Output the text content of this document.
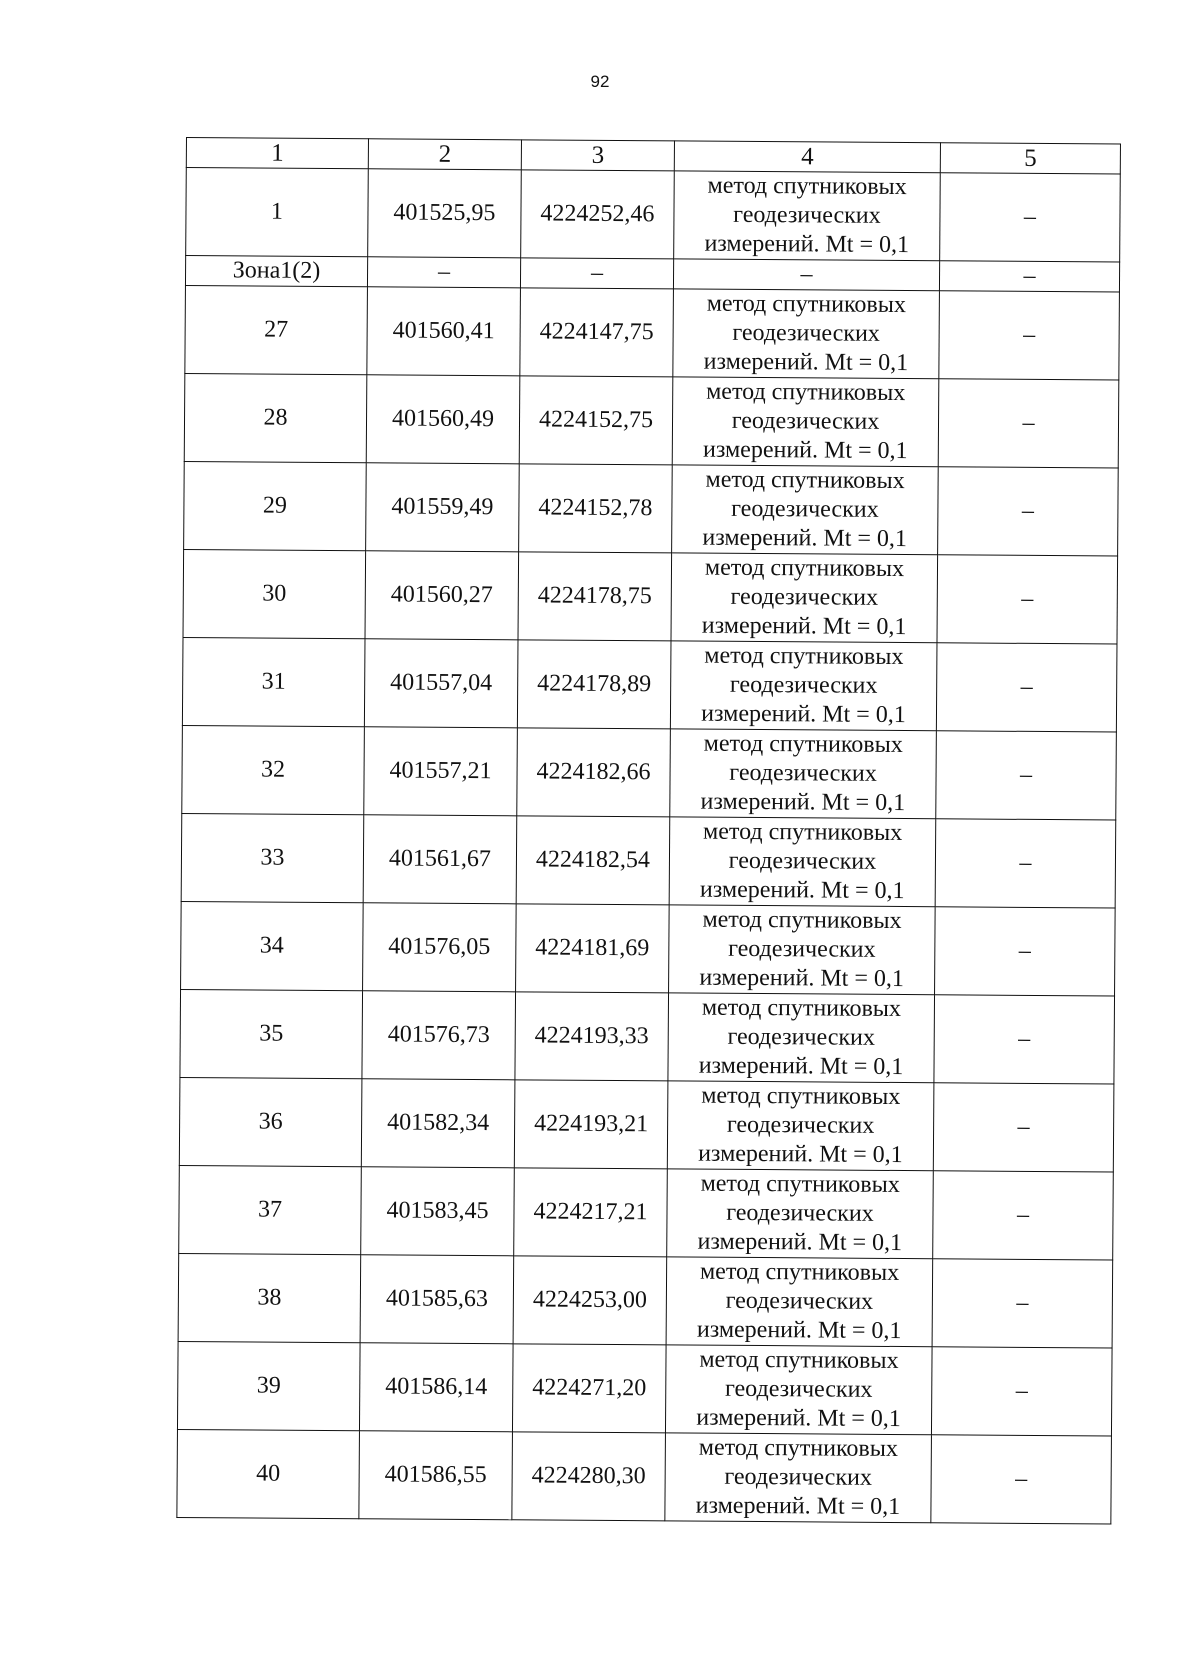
92
1	2	3	4	5
1	401525,95	4224252,46	метод спутниковых
геодезических
измерений. Mt = 0,1	–
Зона1(2)	–	–	–	–
27	401560,41	4224147,75	метод спутниковых
геодезических
измерений. Mt = 0,1	–
28	401560,49	4224152,75	метод спутниковых
геодезических
измерений. Mt = 0,1	–
29	401559,49	4224152,78	метод спутниковых
геодезических
измерений. Mt = 0,1	–
30	401560,27	4224178,75	метод спутниковых
геодезических
измерений. Mt = 0,1	–
31	401557,04	4224178,89	метод спутниковых
геодезических
измерений. Mt = 0,1	–
32	401557,21	4224182,66	метод спутниковых
геодезических
измерений. Mt = 0,1	–
33	401561,67	4224182,54	метод спутниковых
геодезических
измерений. Mt = 0,1	–
34	401576,05	4224181,69	метод спутниковых
геодезических
измерений. Mt = 0,1	–
35	401576,73	4224193,33	метод спутниковых
геодезических
измерений. Mt = 0,1	–
36	401582,34	4224193,21	метод спутниковых
геодезических
измерений. Mt = 0,1	–
37	401583,45	4224217,21	метод спутниковых
геодезических
измерений. Mt = 0,1	–
38	401585,63	4224253,00	метод спутниковых
геодезических
измерений. Mt = 0,1	–
39	401586,14	4224271,20	метод спутниковых
геодезических
измерений. Mt = 0,1	–
40	401586,55	4224280,30	метод спутниковых
геодезических
измерений. Mt = 0,1	–
